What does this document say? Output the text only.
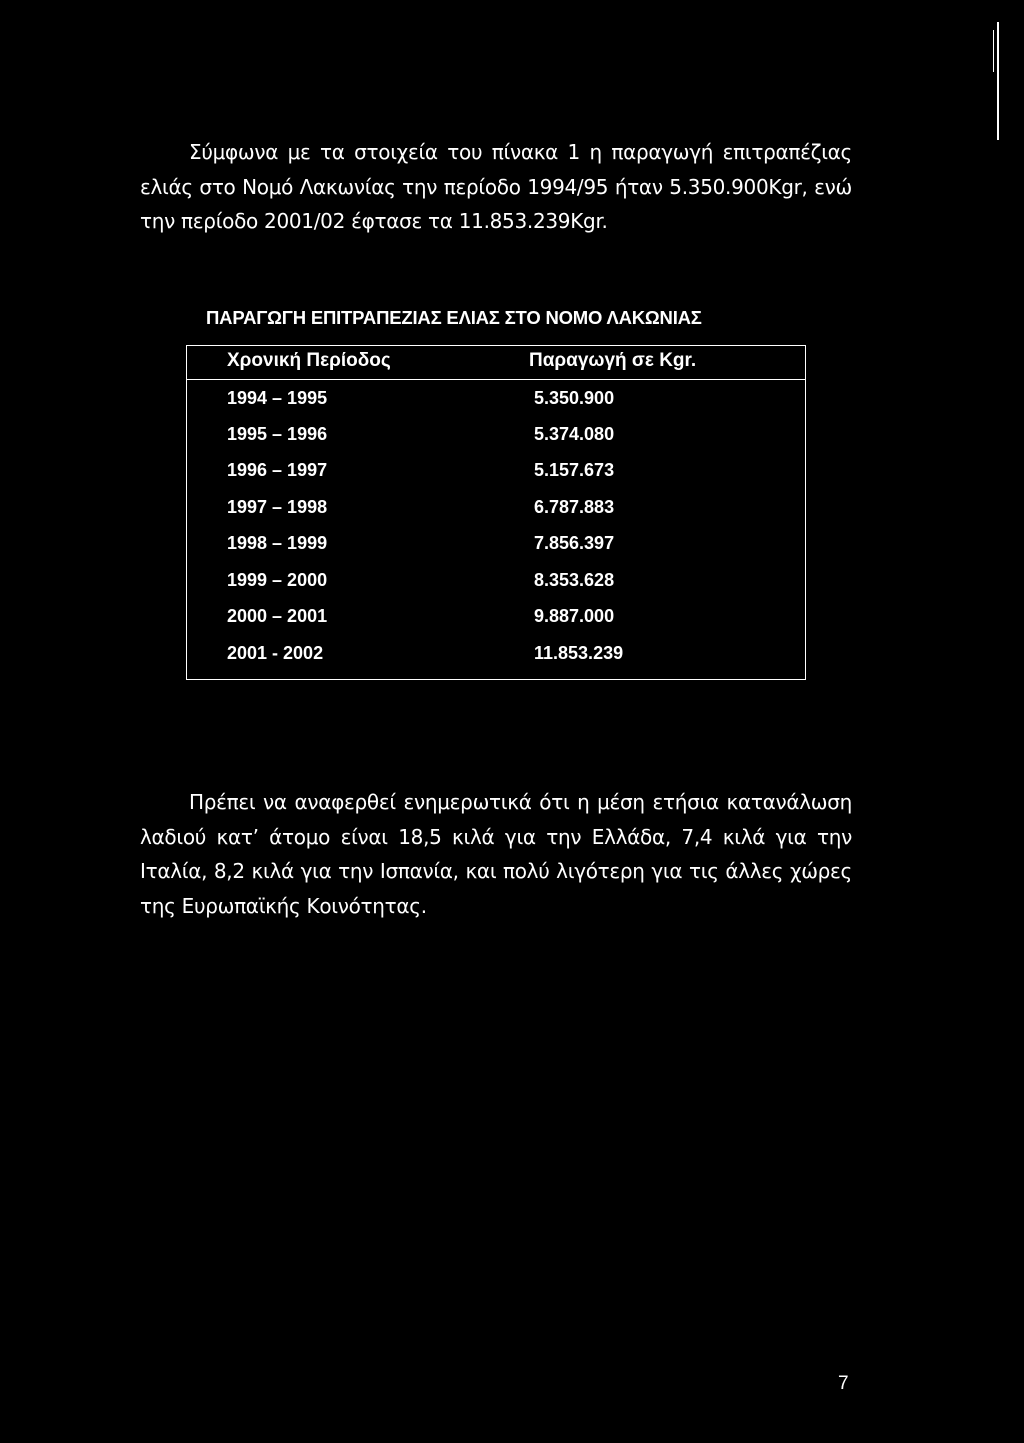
Σύμφωνα με τα στοιχεία του πίνακα 1 η παραγωγή επιτραπέζιας ελιάς στο Νομό Λακωνίας την περίοδο 1994/95 ήταν 5.350.900Kgr, ενώ την περίοδο 2001/02 έφτασε τα 11.853.239Kgr.

ΠΑΡΑΓΩΓΗ ΕΠΙΤΡΑΠΕΖΙΑΣ ΕΛΙΑΣ ΣΤΟ ΝΟΜΟ ΛΑΚΩΝΙΑΣ
Χρονική Περίοδος	Παραγωγή σε Kgr.
1994 – 1995	5.350.900
1995 – 1996	5.374.080
1996 – 1997	5.157.673
1997 – 1998	6.787.883
1998 – 1999	7.856.397
1999 – 2000	8.353.628
2000 – 2001	9.887.000
2001 - 2002	11.853.239

Πρέπει να αναφερθεί ενημερωτικά ότι η μέση ετήσια κατανάλωση λαδιού κατ’ άτομο είναι 18,5 κιλά για την Ελλάδα, 7,4 κιλά για την Ιταλία, 8,2 κιλά για την Ισπανία, και πολύ λιγότερη για τις άλλες χώρες της Ευρωπαϊκής Κοινότητας.

7
